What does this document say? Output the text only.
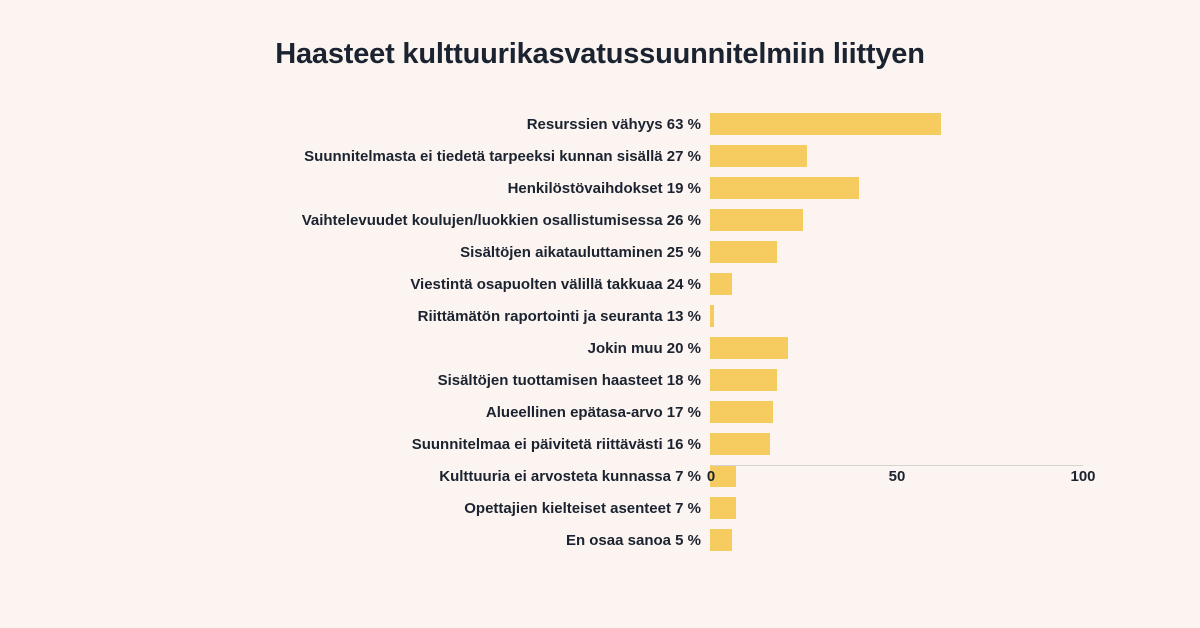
Haasteet kulttuurikasvatussuunnitelmiin liittyen
Resurssien vähyys 63 %
Suunnitelmasta ei tiedetä tarpeeksi kunnan sisällä 27 %
Henkilöstövaihdokset 19 %
Vaihtelevuudet koulujen/luokkien osallistumisessa 26 %
Sisältöjen aikatauluttaminen 25 %
Viestintä osapuolten välillä takkuaa 24 %
Riittämätön raportointi ja seuranta 13 %
Jokin muu 20 %
Sisältöjen tuottamisen haasteet 18 %
Alueellinen epätasa-arvo 17 %
Suunnitelmaa ei päivitetä riittävästi 16 %
Kulttuuria ei arvosteta kunnassa 7 %
Opettajien kielteiset asenteet 7 %
En osaa sanoa 5 %
0	50	100
